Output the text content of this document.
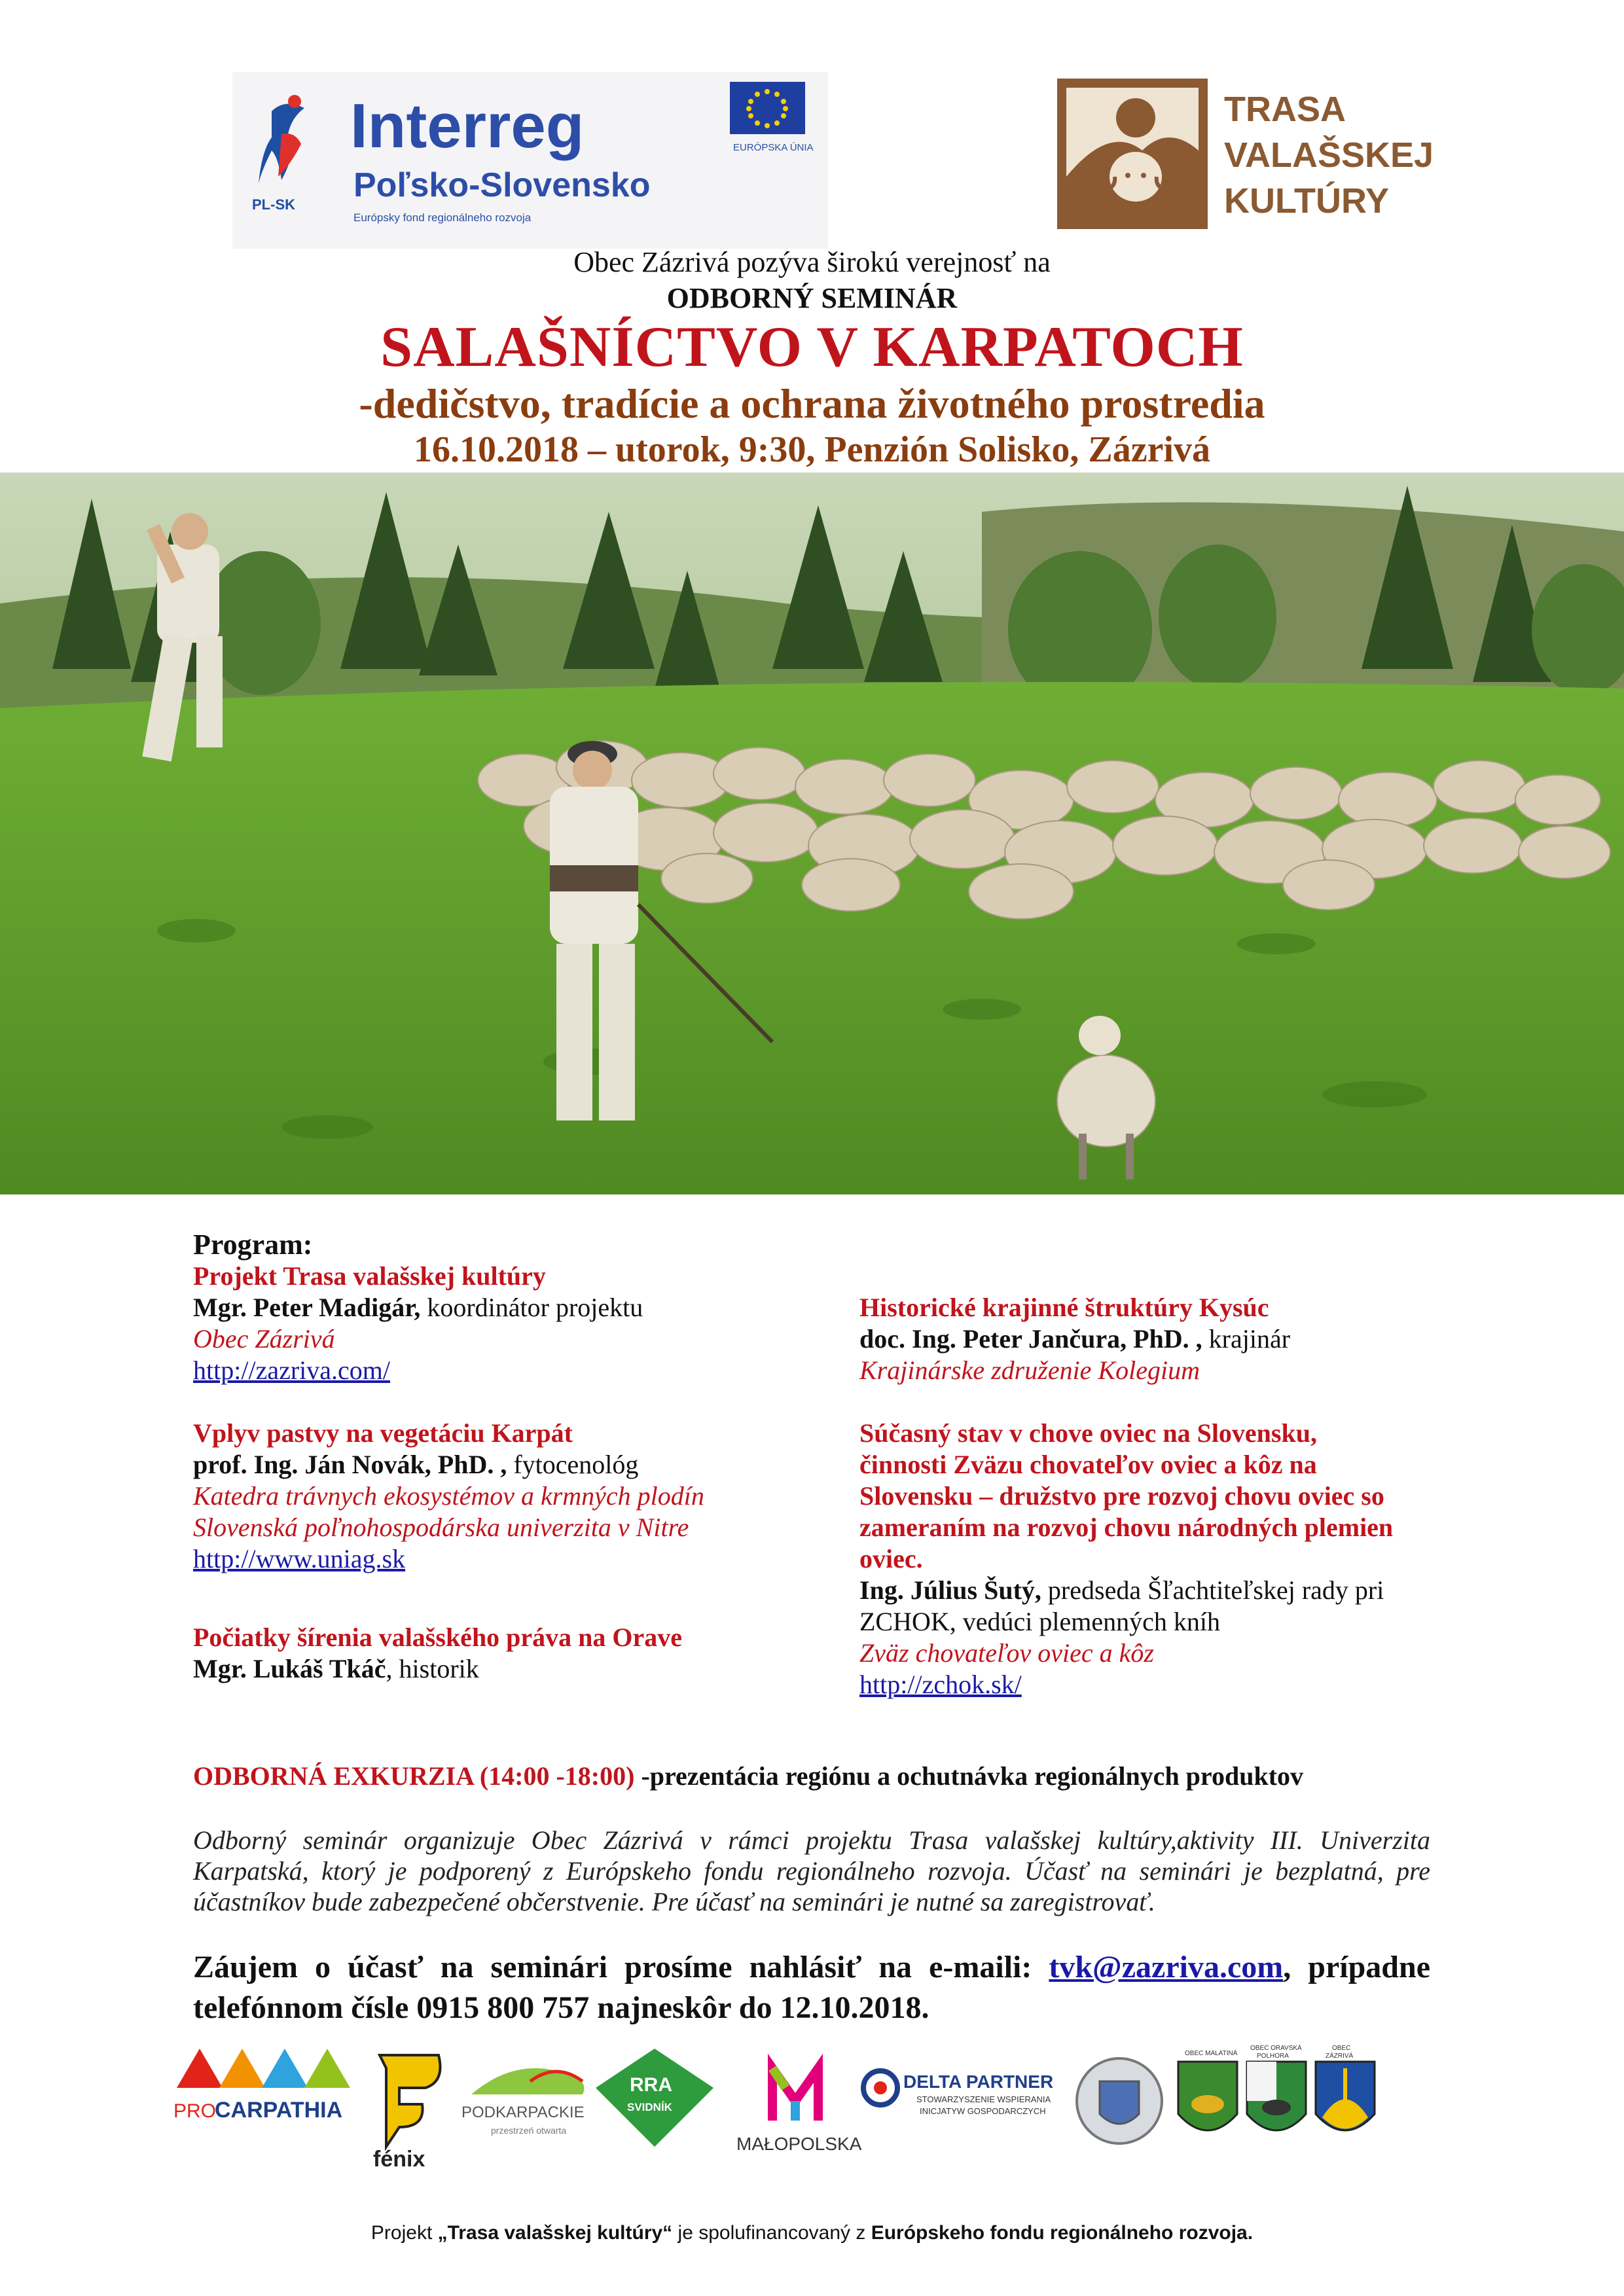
PL-SK
Interreg
Poľsko-Slovensko
Európsky fond regionálneho rozvoja
EURÓPSKA ÚNIA
TRASA
VALAŠSKEJ
KULTÚRY
Obec Zázrivá pozýva širokú verejnosť na
ODBORNÝ SEMINÁR
SALAŠNÍCTVO V KARPATOCH
-dedičstvo, tradície a ochrana životného prostredia
16.10.2018 – utorok, 9:30, Penzión Solisko, Zázrivá

Program:

Projekt Trasa valašskej kultúry

Mgr. Peter Madigár, koordinátor projektu

Obec Zázrivá

http://zazriva.com/

Vplyv pastvy na vegetáciu Karpát

prof. Ing. Ján Novák, PhD. , fytocenológ

Katedra trávnych ekosystémov a krmných plodín

Slovenská poľnohospodárska univerzita v Nitre

http://www.uniag.sk

Počiatky šírenia valašského práva na Orave

Mgr. Lukáš Tkáč, historik

Historické krajinné štruktúry Kysúc

doc. Ing. Peter Jančura, PhD. , krajinár

Krajinárske združenie Kolegium

Súčasný stav v chove oviec na Slovensku,

činnosti Zväzu chovateľov oviec a kôz na

Slovensku – družstvo pre rozvoj chovu oviec so

zameraním na rozvoj chovu národných plemien

oviec.

Ing. Július Šutý, predseda Šľachtiteľskej rady pri

ZCHOK, vedúci plemenných kníh

Zväz chovateľov oviec a kôz

http://zchok.sk/

ODBORNÁ EXKURZIA (14:00 -18:00) -prezentácia regiónu a ochutnávka regionálnych produktov
Odborný seminár organizuje Obec Zázrivá v rámci projektu Trasa valašskej kultúry,aktivity III. Univerzita Karpatská, ktorý je podporený z Európskeho fondu regionálneho rozvoja. Účasť na seminári je bezplatná, pre účastníkov bude zabezpečené občerstvenie. Pre účasť na seminári je nutné sa zaregistrovať.
Záujem o účasť na seminári prosíme nahlásiť na e-maili: tvk@zazriva.com, prípadne telefónnom čísle 0915 800 757 najneskôr do 12.10.2018.
PRO
CARPATHIA
fénix
PODKARPACKIE
przestrzeń otwarta
RRA
SVIDNÍK
MAŁOPOLSKA
DELTA PARTNER
STOWARZYSZENIE WSPIERANIA
INICJATYW GOSPODARCZYCH
OBEC MALATINÁ
OBEC ORAVSKÁ
POLHORA
OBEC
ZÁZRIVÁ
Projekt „Trasa valašskej kultúry“ je spolufinancovaný z Európskeho fondu regionálneho rozvoja.
